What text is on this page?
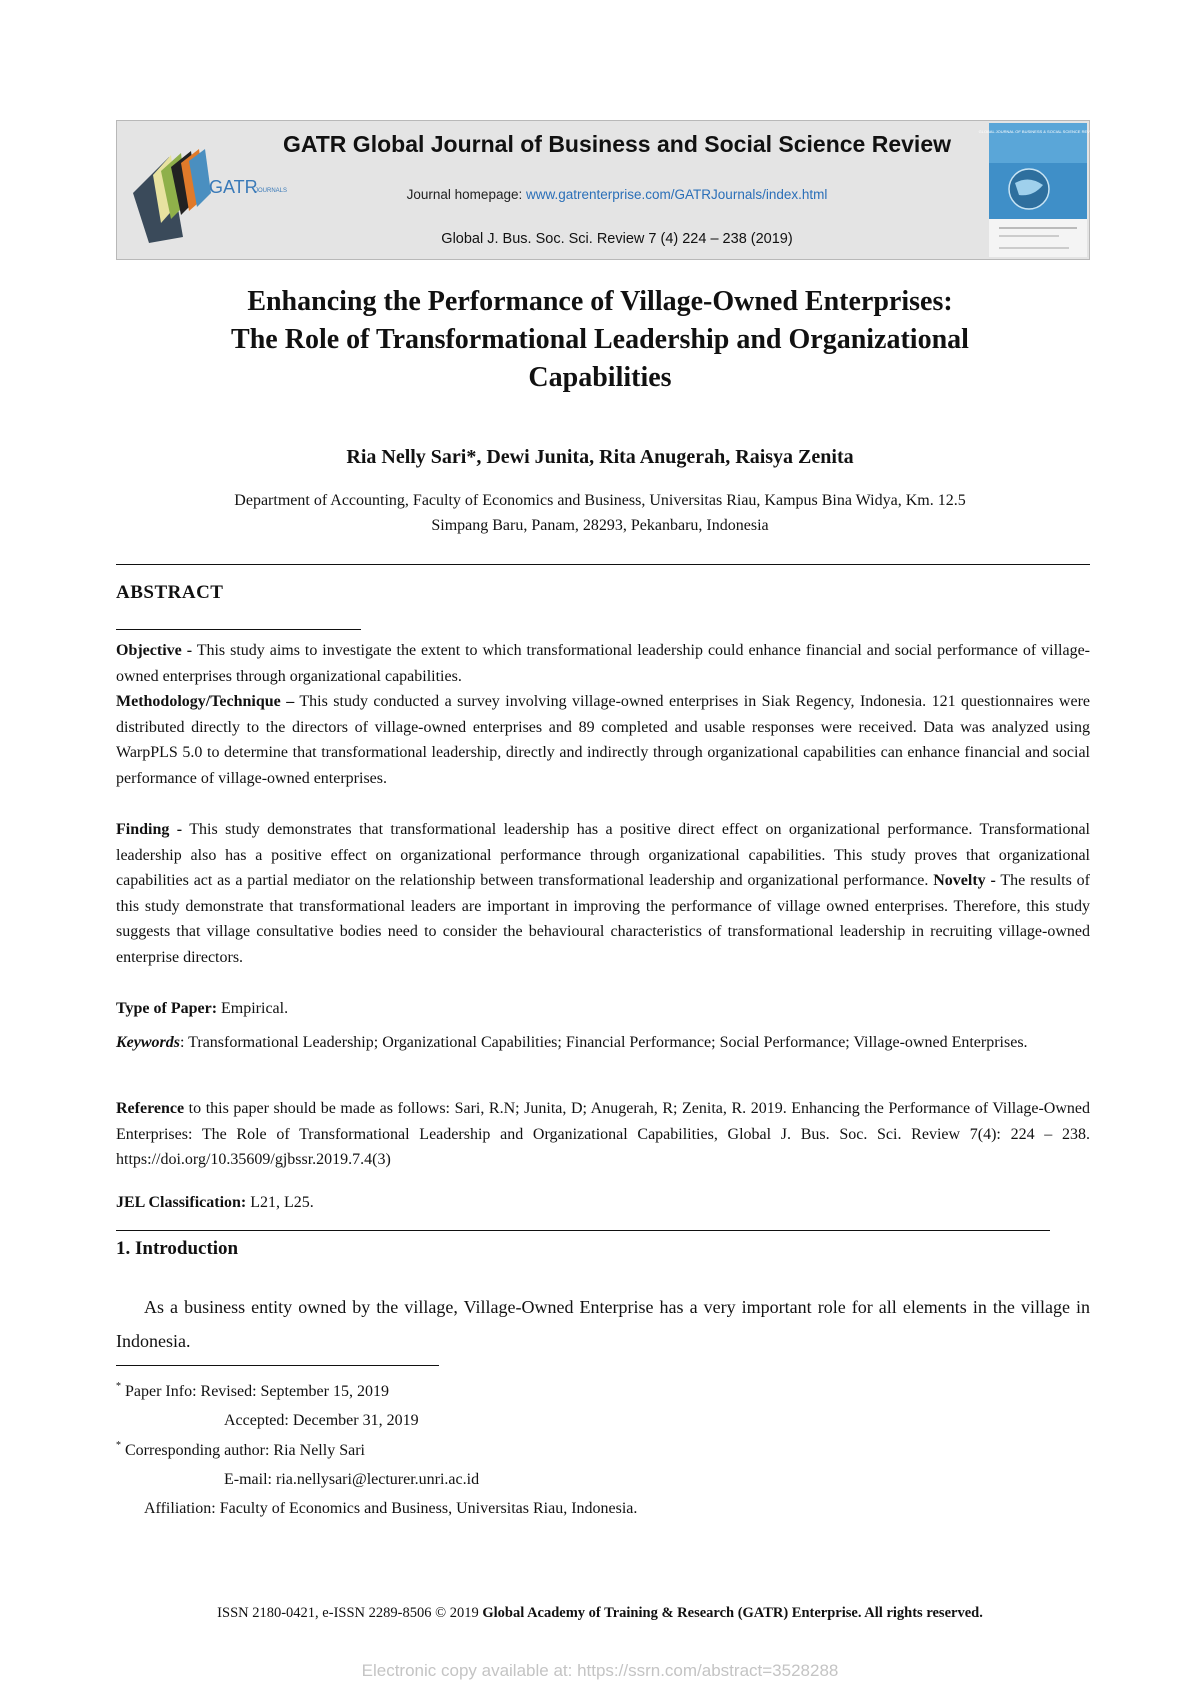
GATR
JOURNALS
GATR Global Journal of Business and Social Science Review
Journal homepage: www.gatrenterprise.com/GATRJournals/index.html
Global J. Bus. Soc. Sci. Review 7 (4) 224 – 238 (2019)
GLOBAL JOURNAL OF BUSINESS & SOCIAL SCIENCE REVIEW
Enhancing the Performance of Village-Owned Enterprises:
The Role of Transformational Leadership and Organizational
Capabilities
Ria Nelly Sari*, Dewi Junita, Rita Anugerah, Raisya Zenita
Department of Accounting, Faculty of Economics and Business, Universitas Riau, Kampus Bina Widya, Km. 12.5
Simpang Baru, Panam, 28293, Pekanbaru, Indonesia
ABSTRACT
Objective - This study aims to investigate the extent to which transformational leadership could enhance financial and social performance of village-owned enterprises through organizational capabilities.
Methodology/Technique – This study conducted a survey involving village-owned enterprises in Siak Regency, Indonesia. 121 questionnaires were distributed directly to the directors of village-owned enterprises and 89 completed and usable responses were received. Data was analyzed using WarpPLS 5.0 to determine that transformational leadership, directly and indirectly through organizational capabilities can enhance financial and social performance of village-owned enterprises.
Finding - This study demonstrates that transformational leadership has a positive direct effect on organizational performance. Transformational leadership also has a positive effect on organizational performance through organizational capabilities. This study proves that organizational capabilities act as a partial mediator on the relationship between transformational leadership and organizational performance. Novelty - The results of this study demonstrate that transformational leaders are important in improving the performance of village owned enterprises. Therefore, this study suggests that village consultative bodies need to consider the behavioural characteristics of transformational leadership in recruiting village-owned enterprise directors.
Type of Paper: Empirical.
Keywords: Transformational Leadership; Organizational Capabilities; Financial Performance; Social Performance; Village-owned Enterprises.
Reference to this paper should be made as follows: Sari, R.N; Junita, D; Anugerah, R; Zenita, R. 2019. Enhancing the Performance of Village-Owned Enterprises: The Role of Transformational Leadership and Organizational Capabilities, Global J. Bus. Soc. Sci. Review 7(4): 224 – 238. https://doi.org/10.35609/gjbssr.2019.7.4(3)
JEL Classification: L21, L25.
1. Introduction
As a business entity owned by the village, Village-Owned Enterprise has a very important role for all elements in the village in Indonesia.
* Paper Info: Revised: September 15, 2019
Accepted: December 31, 2019
* Corresponding author: Ria Nelly Sari
E-mail: ria.nellysari@lecturer.unri.ac.id
Affiliation: Faculty of Economics and Business, Universitas Riau, Indonesia.
ISSN 2180-0421, e-ISSN 2289-8506 © 2019 Global Academy of Training & Research (GATR) Enterprise. All rights reserved.
Electronic copy available at: https://ssrn.com/abstract=3528288
